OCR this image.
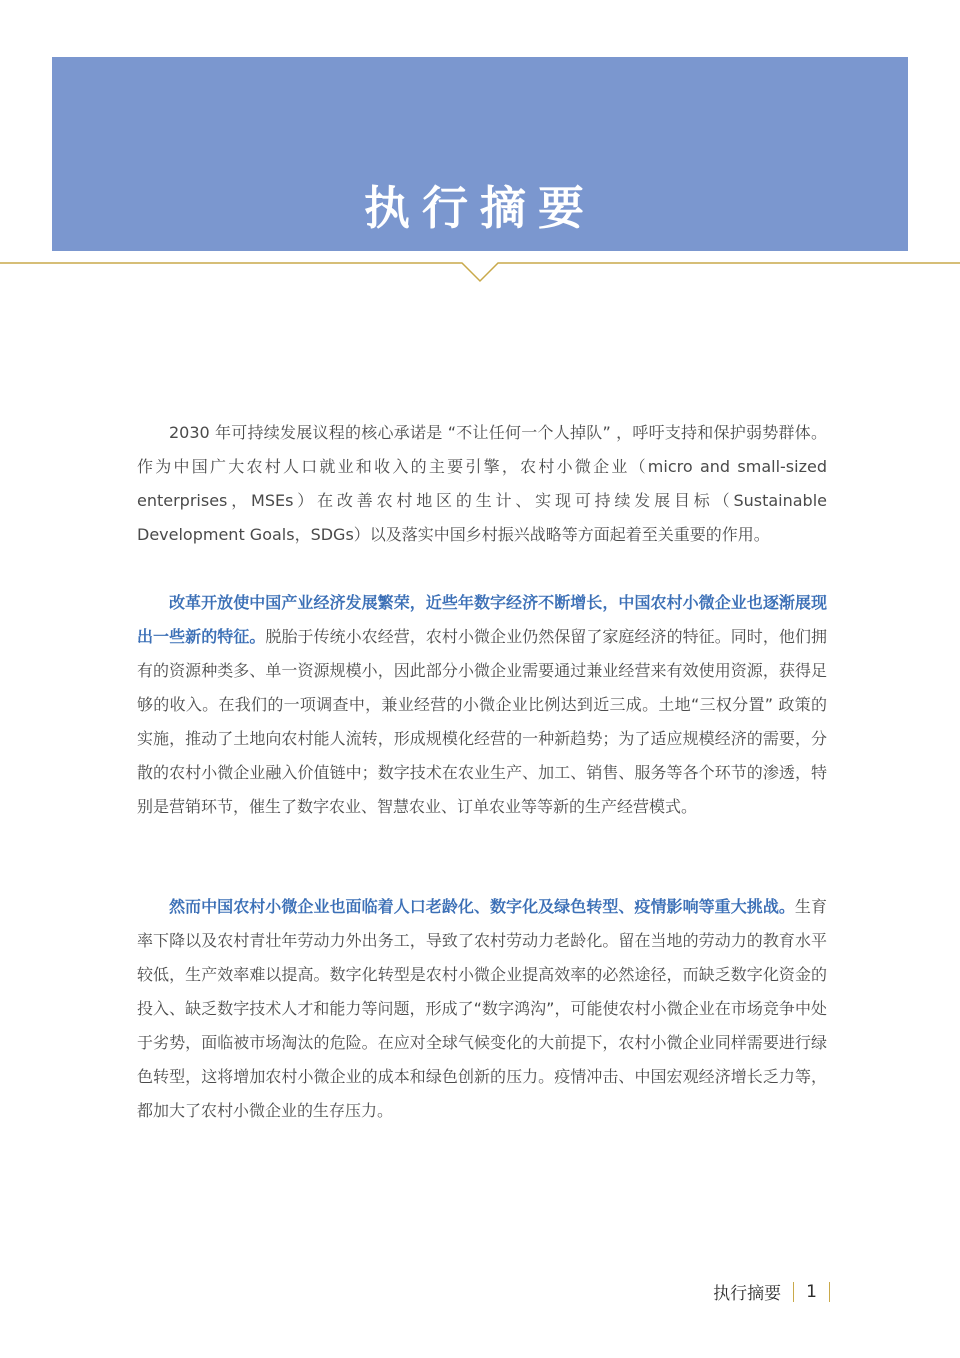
执行摘要

2030 年可持续发展议程的核心承诺是 “不让任何一个人掉队” ，呼吁支持和保护弱势群体。作为中国广大农村人口就业和收入的主要引擎，农村小微企业（micro and small-sized enterprises，MSEs）在改善农村地区的生计、实现可持续发展目标（Sustainable Development Goals，SDGs）以及落实中国乡村振兴战略等方面起着至关重要的作用。

改革开放使中国产业经济发展繁荣，近些年数字经济不断增长，中国农村小微企业也逐渐展现出一些新的特征。脱胎于传统小农经营，农村小微企业仍然保留了家庭经济的特征。同时，他们拥有的资源种类多、单一资源规模小，因此部分小微企业需要通过兼业经营来有效使用资源，获得足够的收入。在我们的一项调查中，兼业经营的小微企业比例达到近三成。土地“三权分置” 政策的实施，推动了土地向农村能人流转，形成规模化经营的一种新趋势；为了适应规模经济的需要，分散的农村小微企业融入价值链中；数字技术在农业生产、加工、销售、服务等各个环节的渗透，特别是营销环节，催生了数字农业、智慧农业、订单农业等等新的生产经营模式。

然而中国农村小微企业也面临着人口老龄化、数字化及绿色转型、疫情影响等重大挑战。生育率下降以及农村青壮年劳动力外出务工，导致了农村劳动力老龄化。留在当地的劳动力的教育水平较低，生产效率难以提高。数字化转型是农村小微企业提高效率的必然途径，而缺乏数字化资金的投入、缺乏数字技术人才和能力等问题，形成了“数字鸿沟”，可能使农村小微企业在市场竞争中处于劣势，面临被市场淘汰的危险。在应对全球气候变化的大前提下，农村小微企业同样需要进行绿色转型，这将增加农村小微企业的成本和绿色创新的压力。疫情冲击、中国宏观经济增长乏力等，都加大了农村小微企业的生存压力。

执行摘要 1
